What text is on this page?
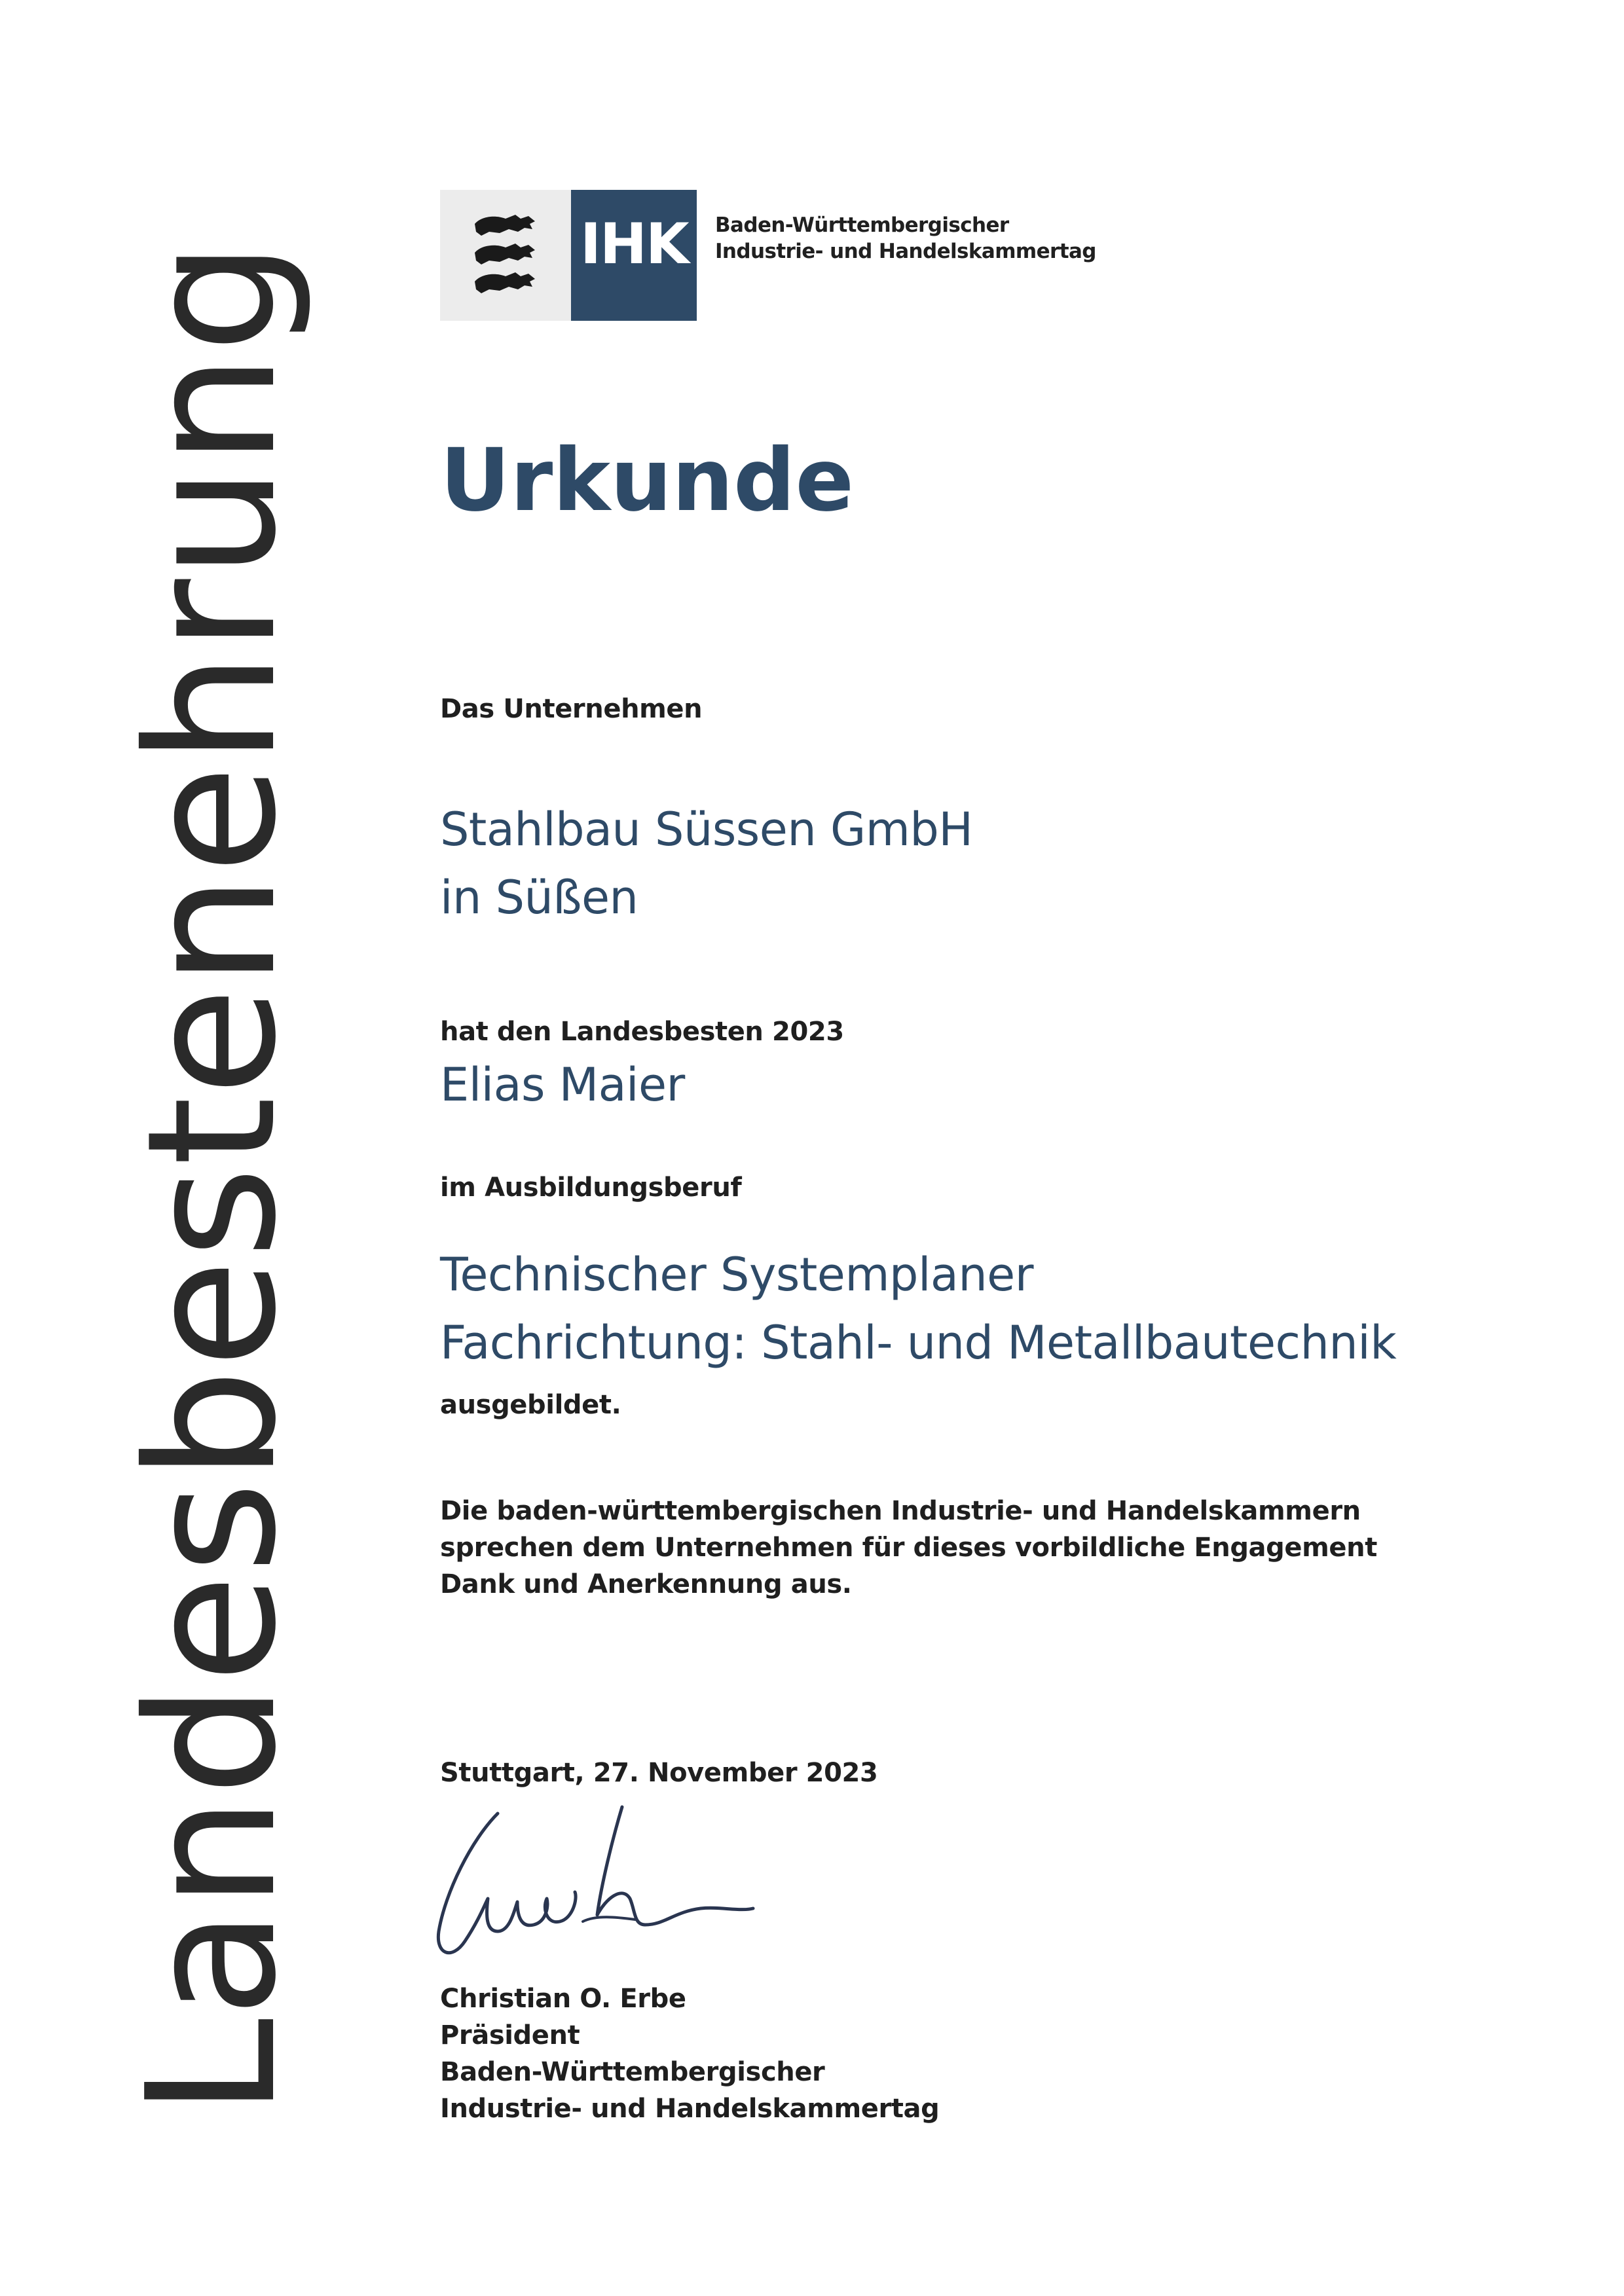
IHK	Baden-Württembergischer
Industrie- und Handelskammertag
Landesbestenehrung Urkunde
Das Unternehmen
Stahlbau Süssen GmbH
in Süßen
hat den Landesbesten 2023
Elias Maier
im Ausbildungsberuf
Technischer Systemplaner
Fachrichtung: Stahl- und Metallbautechnik
ausgebildet.
Die baden-württembergischen Industrie- und Handelskammern
sprechen dem Unternehmen für dieses vorbildliche Engagement
Dank und Anerkennung aus.
Stuttgart, 27. November 2023
Christian O. Erbe
Präsident
Baden-Württembergischer
Industrie- und Handelskammertag
